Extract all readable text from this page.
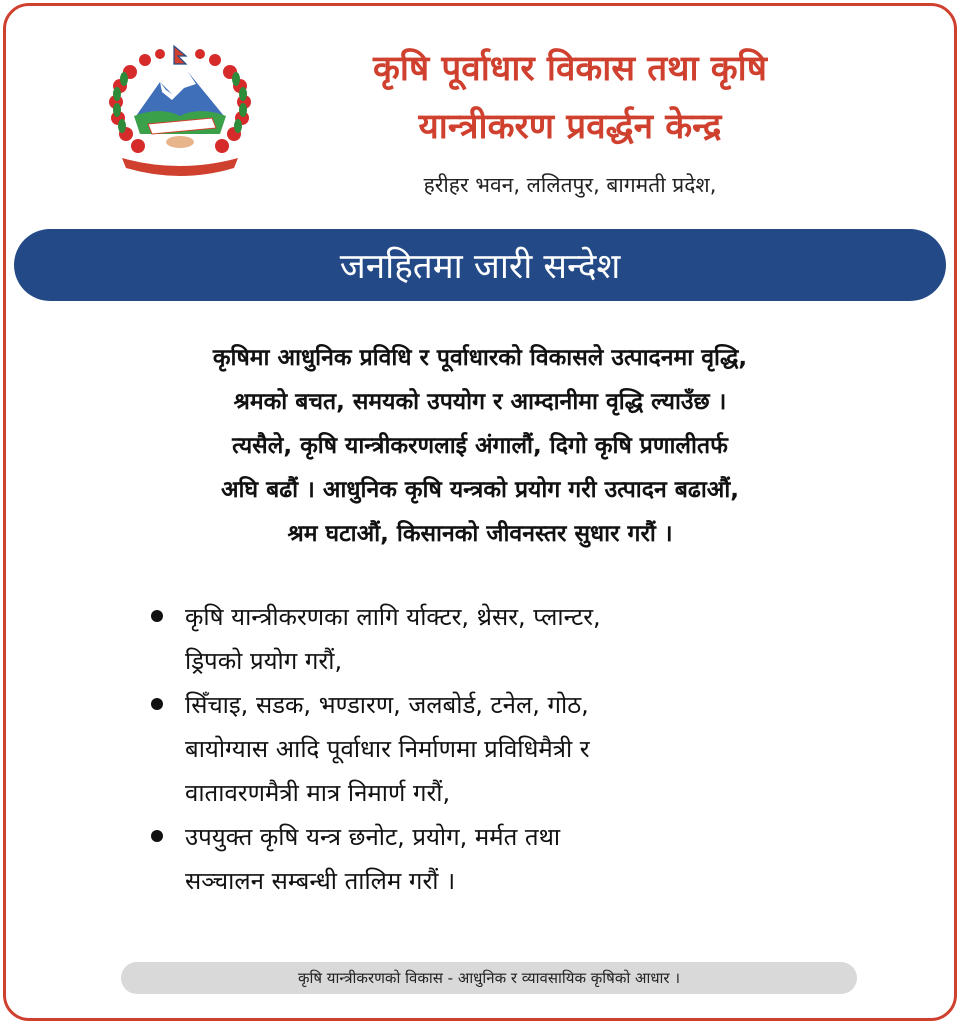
कृषि पूर्वाधार विकास तथा कृषि
यान्त्रीकरण प्रवर्द्धन केन्द्र
हरीहर भवन, ललितपुर, बागमती प्रदेश,
जनहितमा जारी सन्देश
कृषिमा आधुनिक प्रविधि र पूर्वाधारको विकासले उत्पादनमा वृद्धि,
श्रमको बचत, समयको उपयोग र आम्दानीमा वृद्धि ल्याउँछ ।
त्यसैले, कृषि यान्त्रीकरणलाई अंगालौं, दिगो कृषि प्रणालीतर्फ
अघि बढौं । आधुनिक कृषि यन्त्रको प्रयोग गरी उत्पादन बढाऔं,
श्रम घटाऔं, किसानको जीवनस्तर सुधार गरौं ।
कृषि यान्त्रीकरणका लागि र्याक्टर, थ्रेसर, प्लान्टर,
ड्रिपको प्रयोग गरौं,
सिँचाइ, सडक, भण्डारण, जलबोर्ड, टनेल, गोठ,
बायोग्यास आदि पूर्वाधार निर्माणमा प्रविधिमैत्री र
वातावरणमैत्री मात्र निमार्ण गरौं,
उपयुक्त कृषि यन्त्र छनोट, प्रयोग, मर्मत तथा
सञ्चालन सम्बन्धी तालिम गरौं ।
कृषि यान्त्रीकरणको विकास - आधुनिक र व्यावसायिक कृषिको आधार ।
